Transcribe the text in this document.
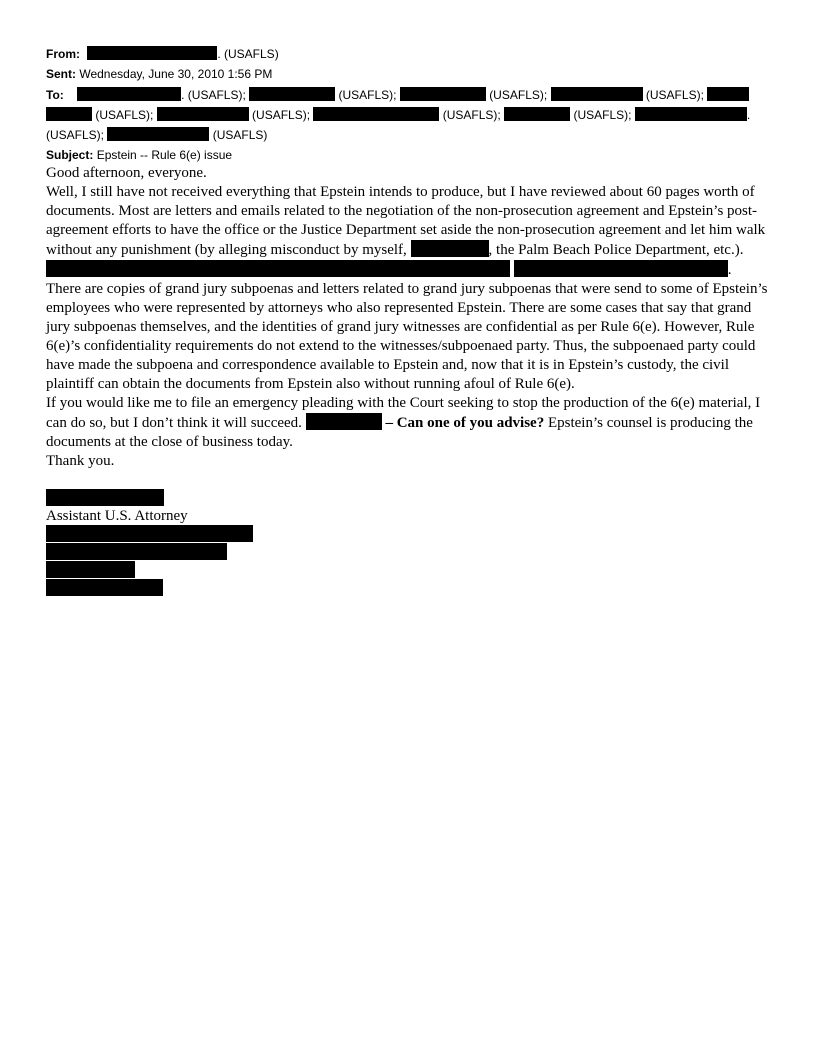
From:	. (USAFLS)
Sent: Wednesday, June 30, 2010 1:56 PM
To:	. (USAFLS);	(USAFLS);	(USAFLS);	(USAFLS);
(USAFLS);	(USAFLS);	(USAFLS);	(USAFLS);	.
(USAFLS);	(USAFLS)
Subject: Epstein -- Rule 6(e) issue

Good afternoon, everyone.

Well, I still have not received everything that Epstein intends to produce, but I have reviewed about 60 pages worth of documents. Most are letters and emails related to the negotiation of the non-prosecution agreement and Epstein’s post-agreement efforts to have the office or the Justice Department set aside the non-prosecution agreement and let him walk without any punishment (by alleging misconduct by myself,	, the Palm Beach Police Department, etc.).  .

There are copies of grand jury subpoenas and letters related to grand jury subpoenas that were send to some of Epstein’s employees who were represented by attorneys who also represented Epstein. There are some cases that say that grand jury subpoenas themselves, and the identities of grand jury witnesses are confidential as per Rule 6(e). However, Rule 6(e)’s confidentiality requirements do not extend to the witnesses/subpoenaed party. Thus, the subpoenaed party could have made the subpoena and correspondence available to Epstein and, now that it is in Epstein’s custody, the civil plaintiff can obtain the documents from Epstein also without running afoul of Rule 6(e).

If you would like me to file an emergency pleading with the Court seeking to stop the production of the 6(e) material, I can do so, but I don’t think it will succeed.	– Can one of you advise? Epstein’s counsel is producing the documents at the close of business today.

Thank you.

Assistant U.S. Attorney
